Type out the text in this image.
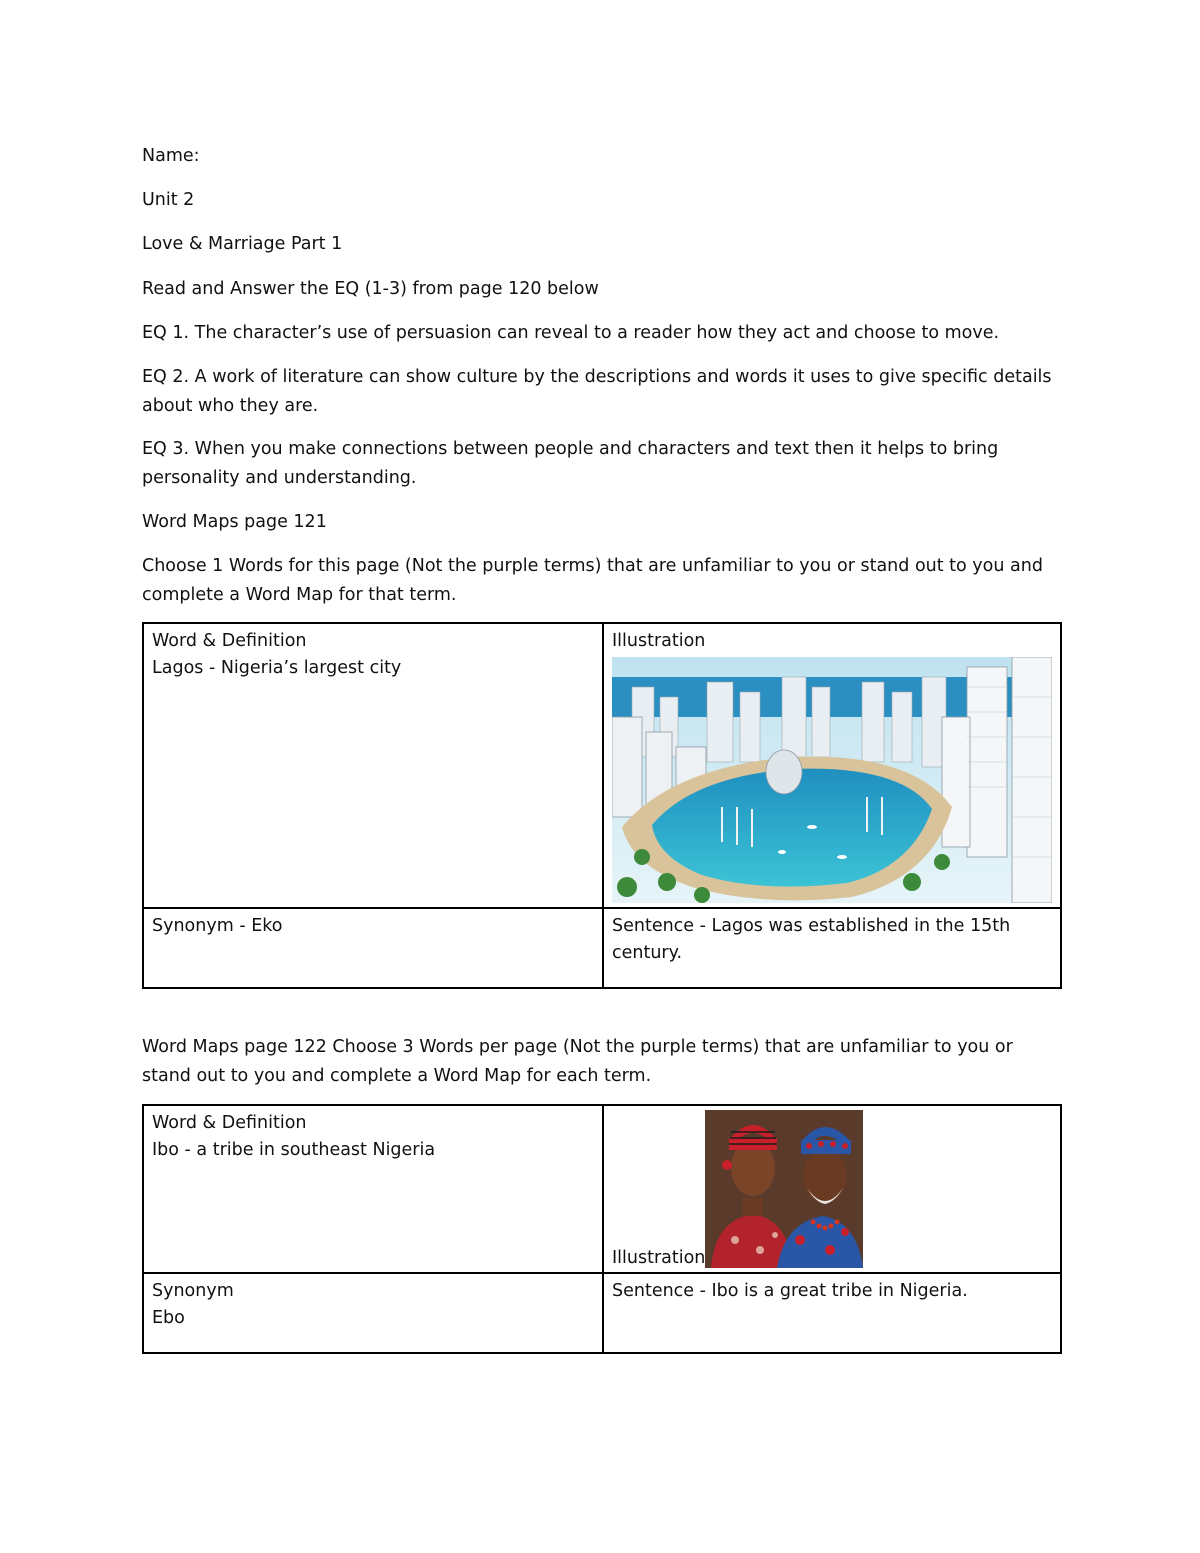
Name:

Unit 2

Love & Marriage Part 1

Read and Answer the EQ (1-3) from page 120 below

EQ 1. The character’s use of persuasion can reveal to a reader how they act and choose to move.

EQ 2. A work of literature can show culture by the descriptions and words it uses to give specific details about who they are.

EQ 3. When you make connections between people and characters and text then it helps to bring personality and understanding.

Word Maps page 121

Choose 1 Words for this page (Not the purple terms) that are unfamiliar to you or stand out to you and complete a Word Map for that term.

Word & Definition
Lagos - Nigeria’s largest city	Illustration

Synonym - Eko	Sentence - Lagos was established in the 15th century.

Word Maps page 122 Choose 3 Words per page (Not the purple terms) that are unfamiliar to you or stand out to you and complete a Word Map for each term.

Word & Definition
Ibo - a tribe in southeast Nigeria	Illustration

Synonym
Ebo	Sentence - Ibo is a great tribe in Nigeria.
